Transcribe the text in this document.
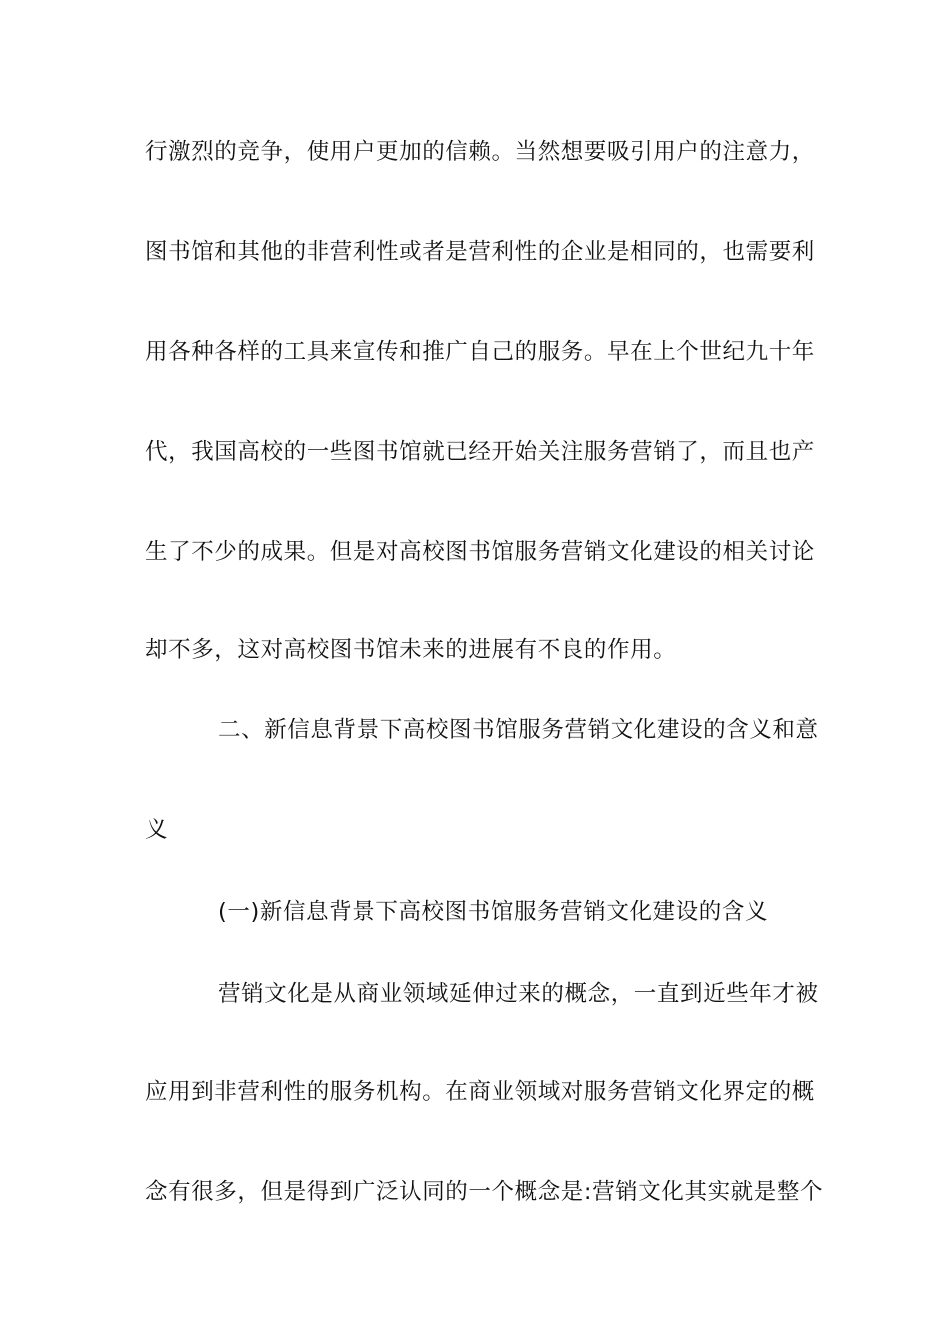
行激烈的竞争，使用户更加的信赖。当然想要吸引用户的注意力，
图书馆和其他的非营利性或者是营利性的企业是相同的，也需要利
用各种各样的工具来宣传和推广自己的服务。早在上个世纪九十年
代，我国高校的一些图书馆就已经开始关注服务营销了，而且也产
生了不少的成果。但是对高校图书馆服务营销文化建设的相关讨论
却不多，这对高校图书馆未来的进展有不良的作用。
二、新信息背景下高校图书馆服务营销文化建设的含义和意
义
(一)新信息背景下高校图书馆服务营销文化建设的含义
营销文化是从商业领域延伸过来的概念，一直到近些年才被
应用到非营利性的服务机构。在商业领域对服务营销文化界定的概
念有很多，但是得到广泛认同的一个概念是:营销文化其实就是整个
